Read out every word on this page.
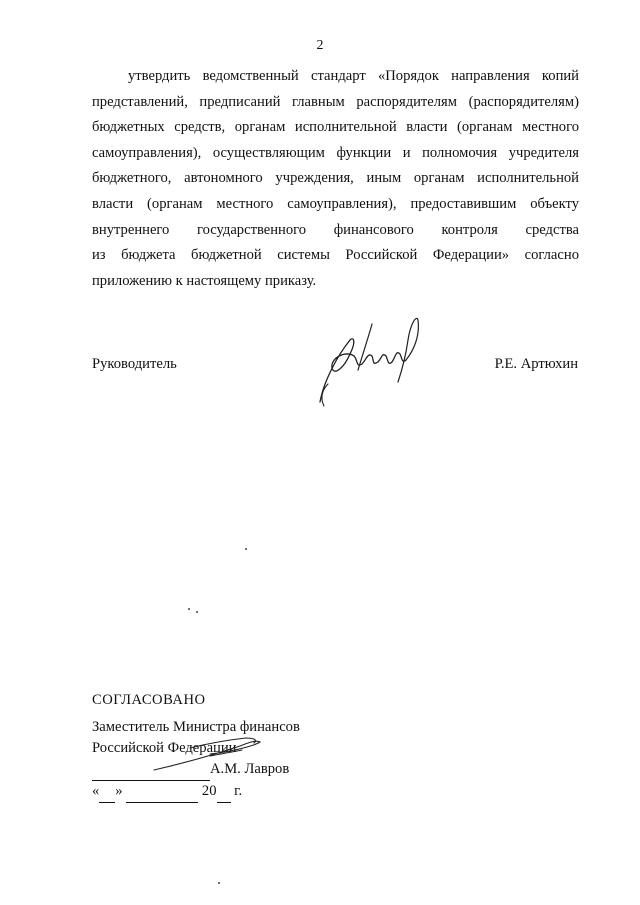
2
утвердить ведомственный стандарт «Порядок направления копий
представлений, предписаний главным распорядителям (распорядителям)
бюджетных средств, органам исполнительной власти (органам местного
самоуправления), осуществляющим функции и полномочия учредителя
бюджетного, автономного учреждения, иным органам исполнительной
власти (органам местного самоуправления), предоставившим объекту
внутреннего государственного финансового контроля средства
из бюджета бюджетной системы Российской Федерации» согласно
приложению к настоящему приказу.
Руководитель	Р.Е. Артюхин
СОГЛАСОВАНО
Заместитель Министра финансов
Российской Федерации
А.М. Лавров
« »	20 г.
